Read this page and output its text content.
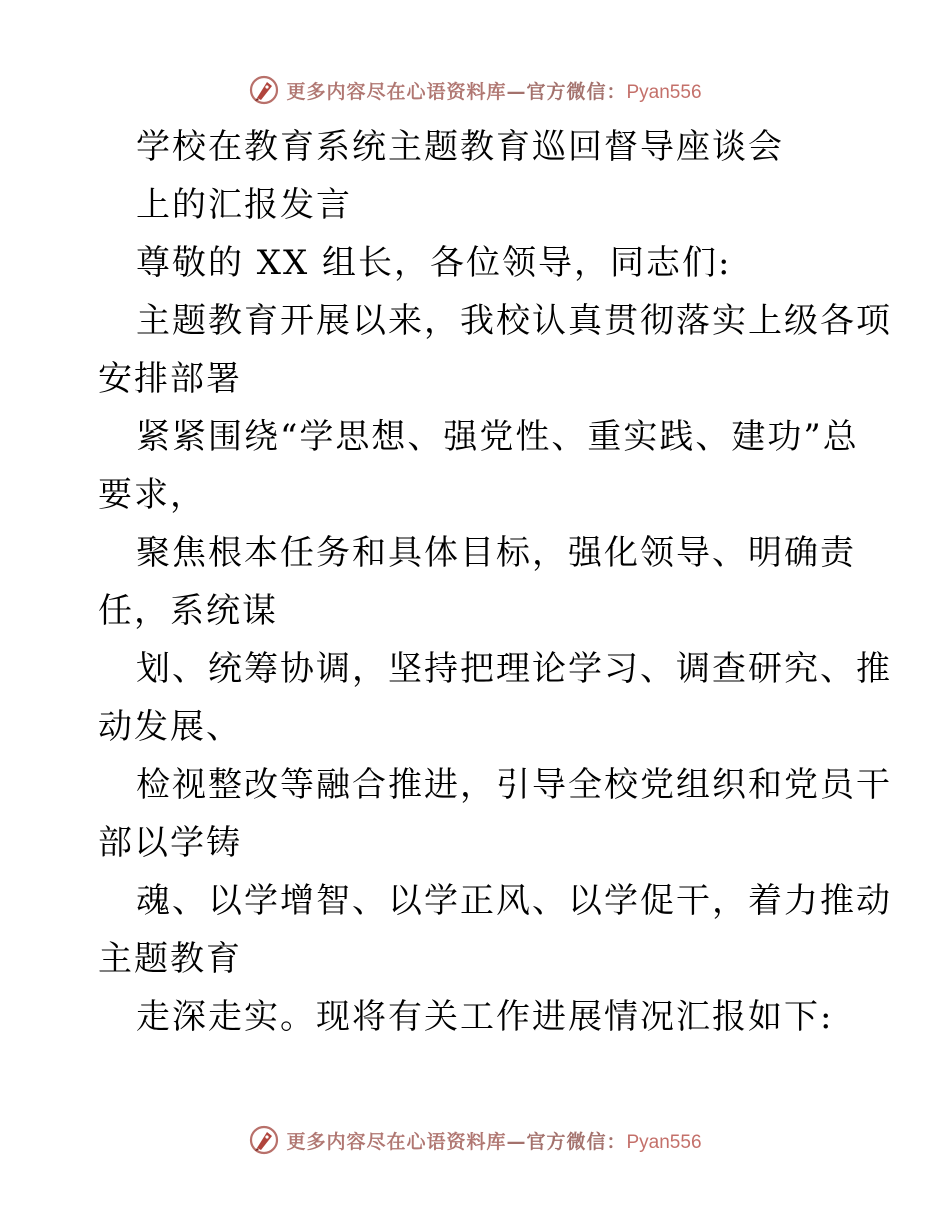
更多内容尽在心语资料库—官方微信：Pyan556
学校在教育系统主题教育巡回督导座谈会
上的汇报发言
尊敬的 XX 组长，各位领导，同志们:
主题教育开展以来，我校认真贯彻落实上级各项
安排部署
紧紧围绕“学思想、强党性、重实践、建功”总
要求，
聚焦根本任务和具体目标，强化领导、明确责
任，系统谋
划、统筹协调，坚持把理论学习、调查研究、推
动发展、
检视整改等融合推进，引导全校党组织和党员干
部以学铸
魂、以学增智、以学正风、以学促干，着力推动
主题教育
走深走实。现将有关工作进展情况汇报如下:
更多内容尽在心语资料库—官方微信：Pyan556
